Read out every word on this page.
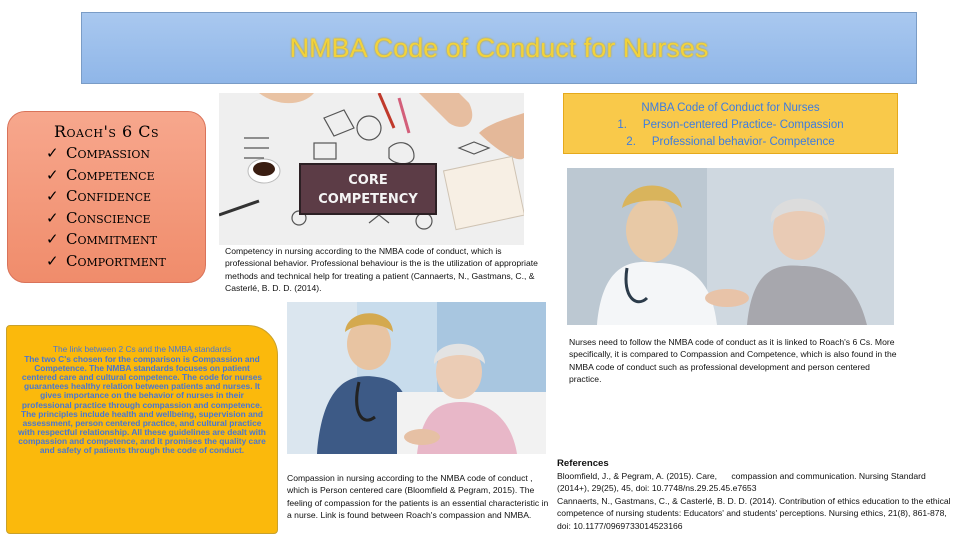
NMBA Code of Conduct for Nurses
Roach's 6 Cs
✓ Compassion
✓ Competence
✓ Confidence
✓ Conscience
✓ Commitment
✓ Comportment
CORE
COMPETENCY
Competency in nursing according to the NMBA code of conduct, which is professional behavior. Professional behaviour is the is the utilization of appropriate methods and technical help for treating a patient (Cannaerts, N., Gastmans, C., & Casterlé, B. D. D. (2014).
NMBA Code of Conduct for Nurses
1.     Person-centered Practice- Compassion
2.     Professional behavior- Competence
Nurses need to follow the NMBA code of conduct as it is linked to Roach's 6 Cs. More specifically, it is compared to Compassion and Competence, which is also found in the NMBA code of conduct such as professional development and person centered practice.
The link between 2 Cs and the NMBA standards
The two C's chosen for the comparison is Compassion and Competence. The NMBA standards focuses on patient centered care and cultural competence. The code for nurses guarantees healthy relation between patients and nurses. It gives importance on the behavior of nurses in their professional practice through compassion and competence. The principles include health and wellbeing, supervision and assessment, person centered practice, and cultural practice with respectful relationship. All these guidelines are dealt with compassion and competence, and it promises the quality care and safety of patients through the code of conduct.
Compassion in nursing according to the NMBA code of conduct , which is Person centered care (Bloomfield & Pegram, 2015). The feeling of compassion for the patients is an essential characteristic in a nurse. Link is found between Roach's compassion and NMBA.
References
Bloomfield, J., & Pegram, A. (2015). Care,      compassion and communication. Nursing Standard (2014+), 29(25), 45, doi: 10.7748/ns.29.25.45.e7653
Cannaerts, N., Gastmans, C., & Casterlé, B. D. D. (2014). Contribution of ethics education to the ethical competence of nursing students: Educators' and students' perceptions. Nursing ethics, 21(8), 861-878, doi: 10.1177/0969733014523166
